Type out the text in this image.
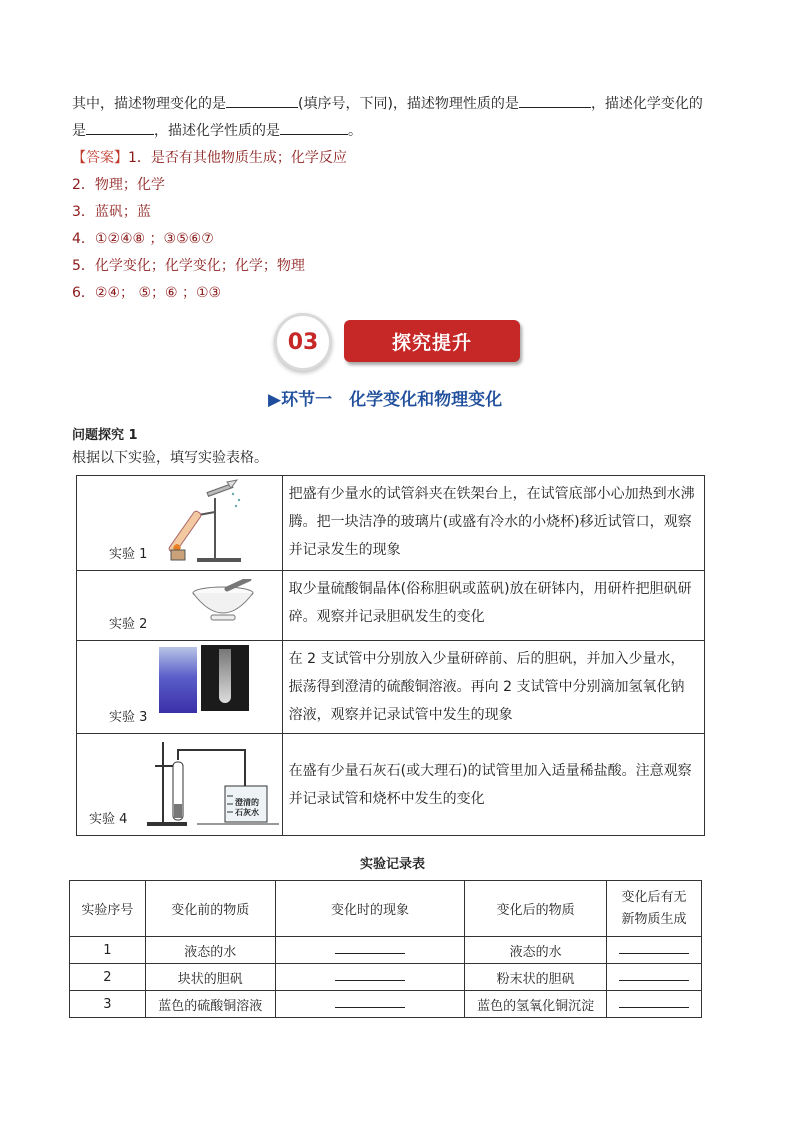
其中，描述物理变化的是	(填序号，下同)，描述物理性质的是	，描述化学变化的
是	，描述化学性质的是	。
【答案】1．是否有其他物质生成；化学反应
2．物理；化学
3．蓝矾；蓝
4．①②④⑧ ；③⑤⑥⑦
5．化学变化；化学变化；化学；物理
6．②④； ⑤；⑥ ；①③
探究提升
03
▶环节一　化学变化和物理变化
问题探究 1
根据以下实验，填写实验表格。
实验 1	把盛有少量水的试管斜夹在铁架台上，在试管底部小心加热到水沸腾。把一块洁净的玻璃片(或盛有冷水的小烧杯)移近试管口，观察并记录发生的现象

实验 2	取少量硫酸铜晶体(俗称胆矾或蓝矾)放在研钵内，用研杵把胆矾研碎。观察并记录胆矾发生的变化

实验 3	在 2 支试管中分别放入少量研碎前、后的胆矾，并加入少量水，振荡得到澄清的硫酸铜溶液。再向 2 支试管中分别滴加氢氧化钠溶液，观察并记录试管中发生的现象

澄清的
石灰水
实验 4	在盛有少量石灰石(或大理石)的试管里加入适量稀盐酸。注意观察并记录试管和烧杯中发生的变化
实验记录表
实验序号	变化前的物质	变化时的现象	变化后的物质	变化后有无
新物质生成
1	液态的水		液态的水	
2	块状的胆矾		粉末状的胆矾	
3	蓝色的硫酸铜溶液		蓝色的氢氧化铜沉淀	
